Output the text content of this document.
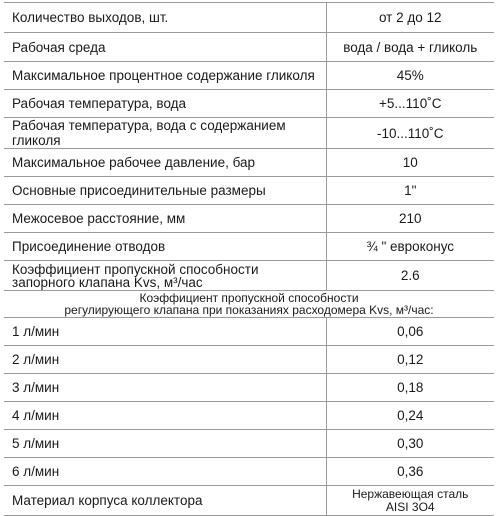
Количество выходов, шт.	от 2 до 12
Рабочая среда	вода / вода + гликоль
Максимальное процентное содержание гликоля	45%
Рабочая температура, вода	+5...110˚С
Рабочая температура, вода с содержанием гликоля	-10...110˚С
Максимальное рабочее давление, бар	10
Основные присоединительные размеры	1"
Межосевое расстояние, мм	210
Присоединение отводов	¾ " евроконус

Коэффициент пропускной способности
запорного клапана Kvs, м³/час	2.6

Коэффициент пропускной способности
регулирующего клапана при показаниях расходомера Kvs, м³/час:	

1 л/мин	0,06
2 л/мин	0,12
3 л/мин	0,18
4 л/мин	0,24
5 л/мин	0,30
6 л/мин	0,36
Материал корпуса коллектора	Нержавеющая сталь
AISI 3О4
